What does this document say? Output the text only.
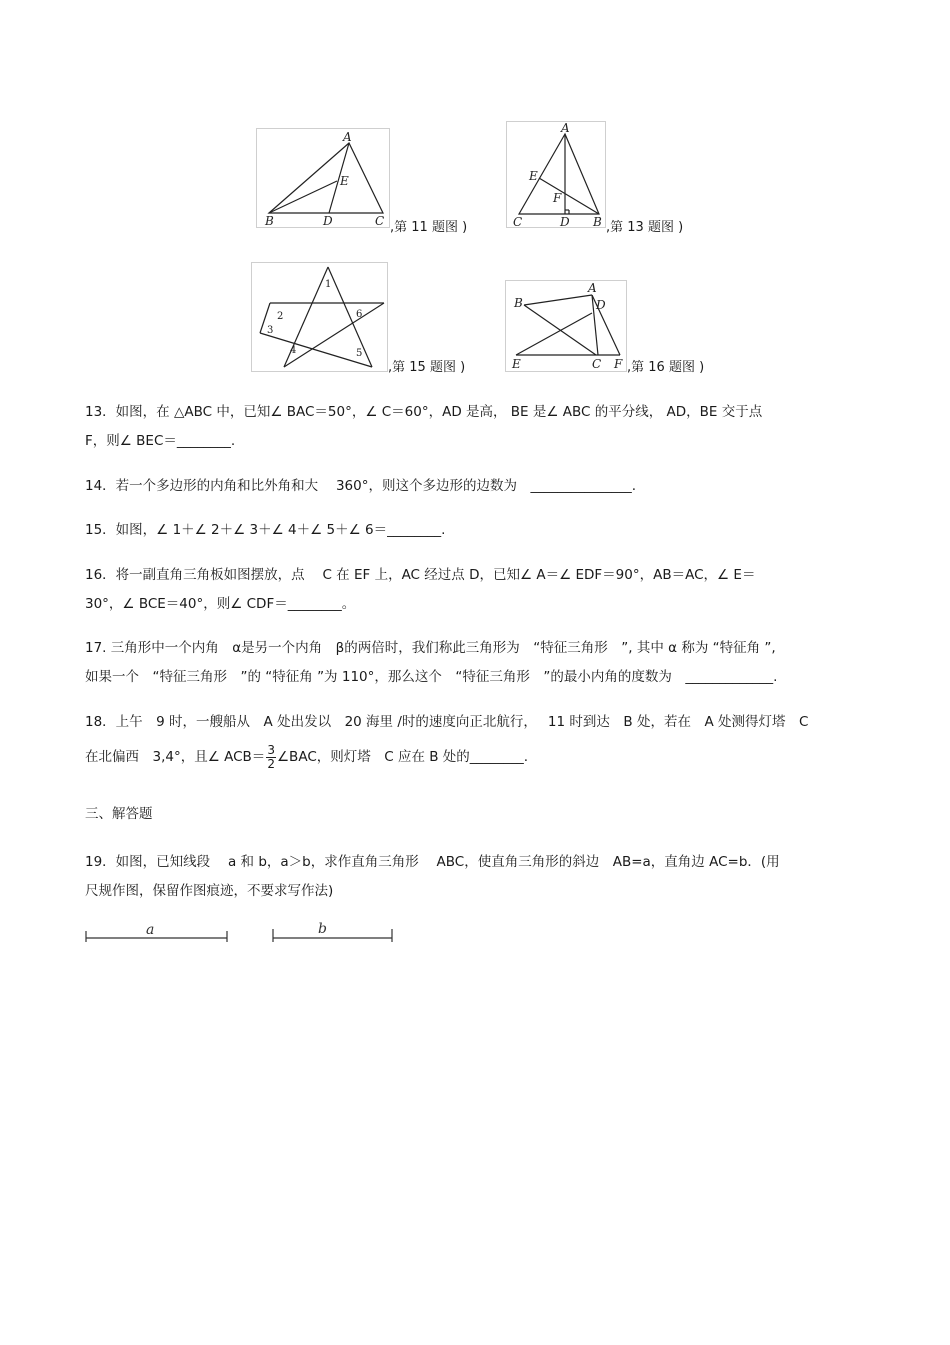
A
B	C
D
E
,第 11 题图 )
A
B
C	D
E
F
,第 13 题图 )
1
2
3
4	5
6
,第 15 题图 )
A
B
C
D
E	F ,第 16 题图 )
13．如图，在 △ABC 中，已知∠ BAC＝50°，∠ C＝60°，AD 是高， BE 是∠ ABC 的平分线， AD，BE 交于点
F，则∠ BEC＝________.
14．若一个多边形的内角和比外角和大　 360°，则这个多边形的边数为　_______________.
15．如图，∠ 1＋∠ 2＋∠ 3＋∠ 4＋∠ 5＋∠ 6＝________.
16．将一副直角三角板如图摆放，点　 C 在 EF 上，AC 经过点 D，已知∠ A＝∠ EDF＝90°，AB＝AC，∠ E＝
30°，∠ BCE＝40°，则∠ CDF＝________。
17. 三角形中一个内角　α是另一个内角　β的两倍时，我们称此三角形为　“特征三角形　”, 其中 α 称为 “特征角 ”,
如果一个　“特征三角形　”的 “特征角 ”为 110°，那么这个　“特征三角形　”的最小内角的度数为　_____________.
18．上午　9 时，一艘船从　A 处出发以　20 海里 /时的速度向正北航行，　 11 时到达　B 处，若在　A 处测得灯塔　C
在北偏西　3,4°，且∠ $ACB= \frac{3}{2}$ ∠BAC，则灯塔　C 应在 B 处的________.
三、解答题
19．如图，已知线段　 a 和 b，a＞b，求作直角三角形　 ABC，使直角三角形的斜边　AB=a，直角边 AC=b．(用
尺规作图，保留作图痕迹，不要求写作法)
a	b
